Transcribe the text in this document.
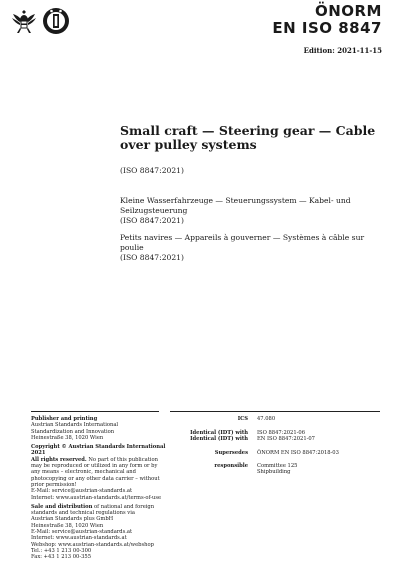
ÖNORM
EN ISO 8847
Edition: 2021-11-15
Small craft — Steering gear — Cable over pulley systems
(ISO 8847:2021)
Kleine Wasserfahrzeuge — Steuerungssystem — Kabel- und Seilzugsteuerung
(ISO 8847:2021)
Petits navires — Appareils à gouverner — Systèmes à câble sur poulie
(ISO 8847:2021)
Publisher and printing
Austrian Standards International
Standardization and Innovation
Heinestraße 38, 1020 Wien
Copyright © Austrian Standards International 2021
All rights reserved. No part of this publication may be reproduced or utilized in any form or by any means – electronic, mechanical and photocopying or any other data carrier – without prior permission!
E-Mail: service@austrian-standards.at
Internet: www.austrian-standards.at/terms-of-use
Sale and distribution of national and foreign standards and technical regulations via
Austrian Standards plus GmbH
Heinestraße 38, 1020 Wien
E-Mail: service@austrian-standards.at
Internet: www.austrian-standards.at
Webshop: www.austrian-standards.at/webshop
Tel.: +43 1 213 00-300
Fax: +43 1 213 00-355
ICS 47.080
Identical (IDT) with ISO 8847:2021-06
Identical (IDT) with EN ISO 8847:2021-07
Supersedes ÖNORM EN ISO 8847:2018-03
responsible Committee 125
Shipbuilding
